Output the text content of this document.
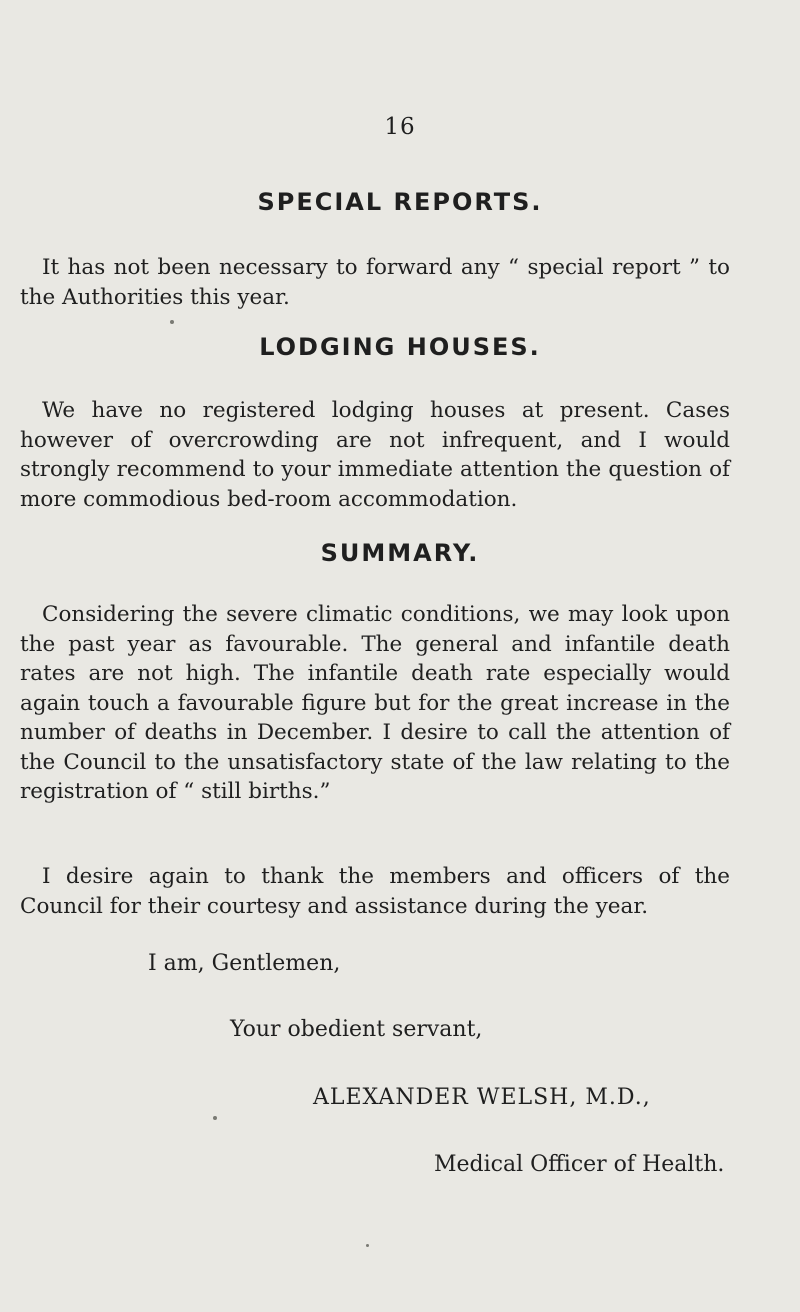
16
SPECIAL REPORTS.

It has not been necessary to forward any “ special report ” to the Authorities this year.

LODGING HOUSES.

We have no registered lodging houses at present. Cases however of overcrowding are not infrequent, and I would strongly recommend to your immediate attention the question of more commodious bed-room accommodation.

SUMMARY.

Considering the severe climatic conditions, we may look upon the past year as favourable. The general and infantile death rates are not high. The infantile death rate especially would again touch a favourable figure but for the great increase in the number of deaths in December. I desire to call the attention of the Council to the unsatisfactory state of the law relating to the registration of “ still births.”

I desire again to thank the members and officers of the Council for their courtesy and assistance during the year.

I am, Gentlemen,
Your obedient servant,
ALEXANDER WELSH, M.D.,
Medical Officer of Health.
